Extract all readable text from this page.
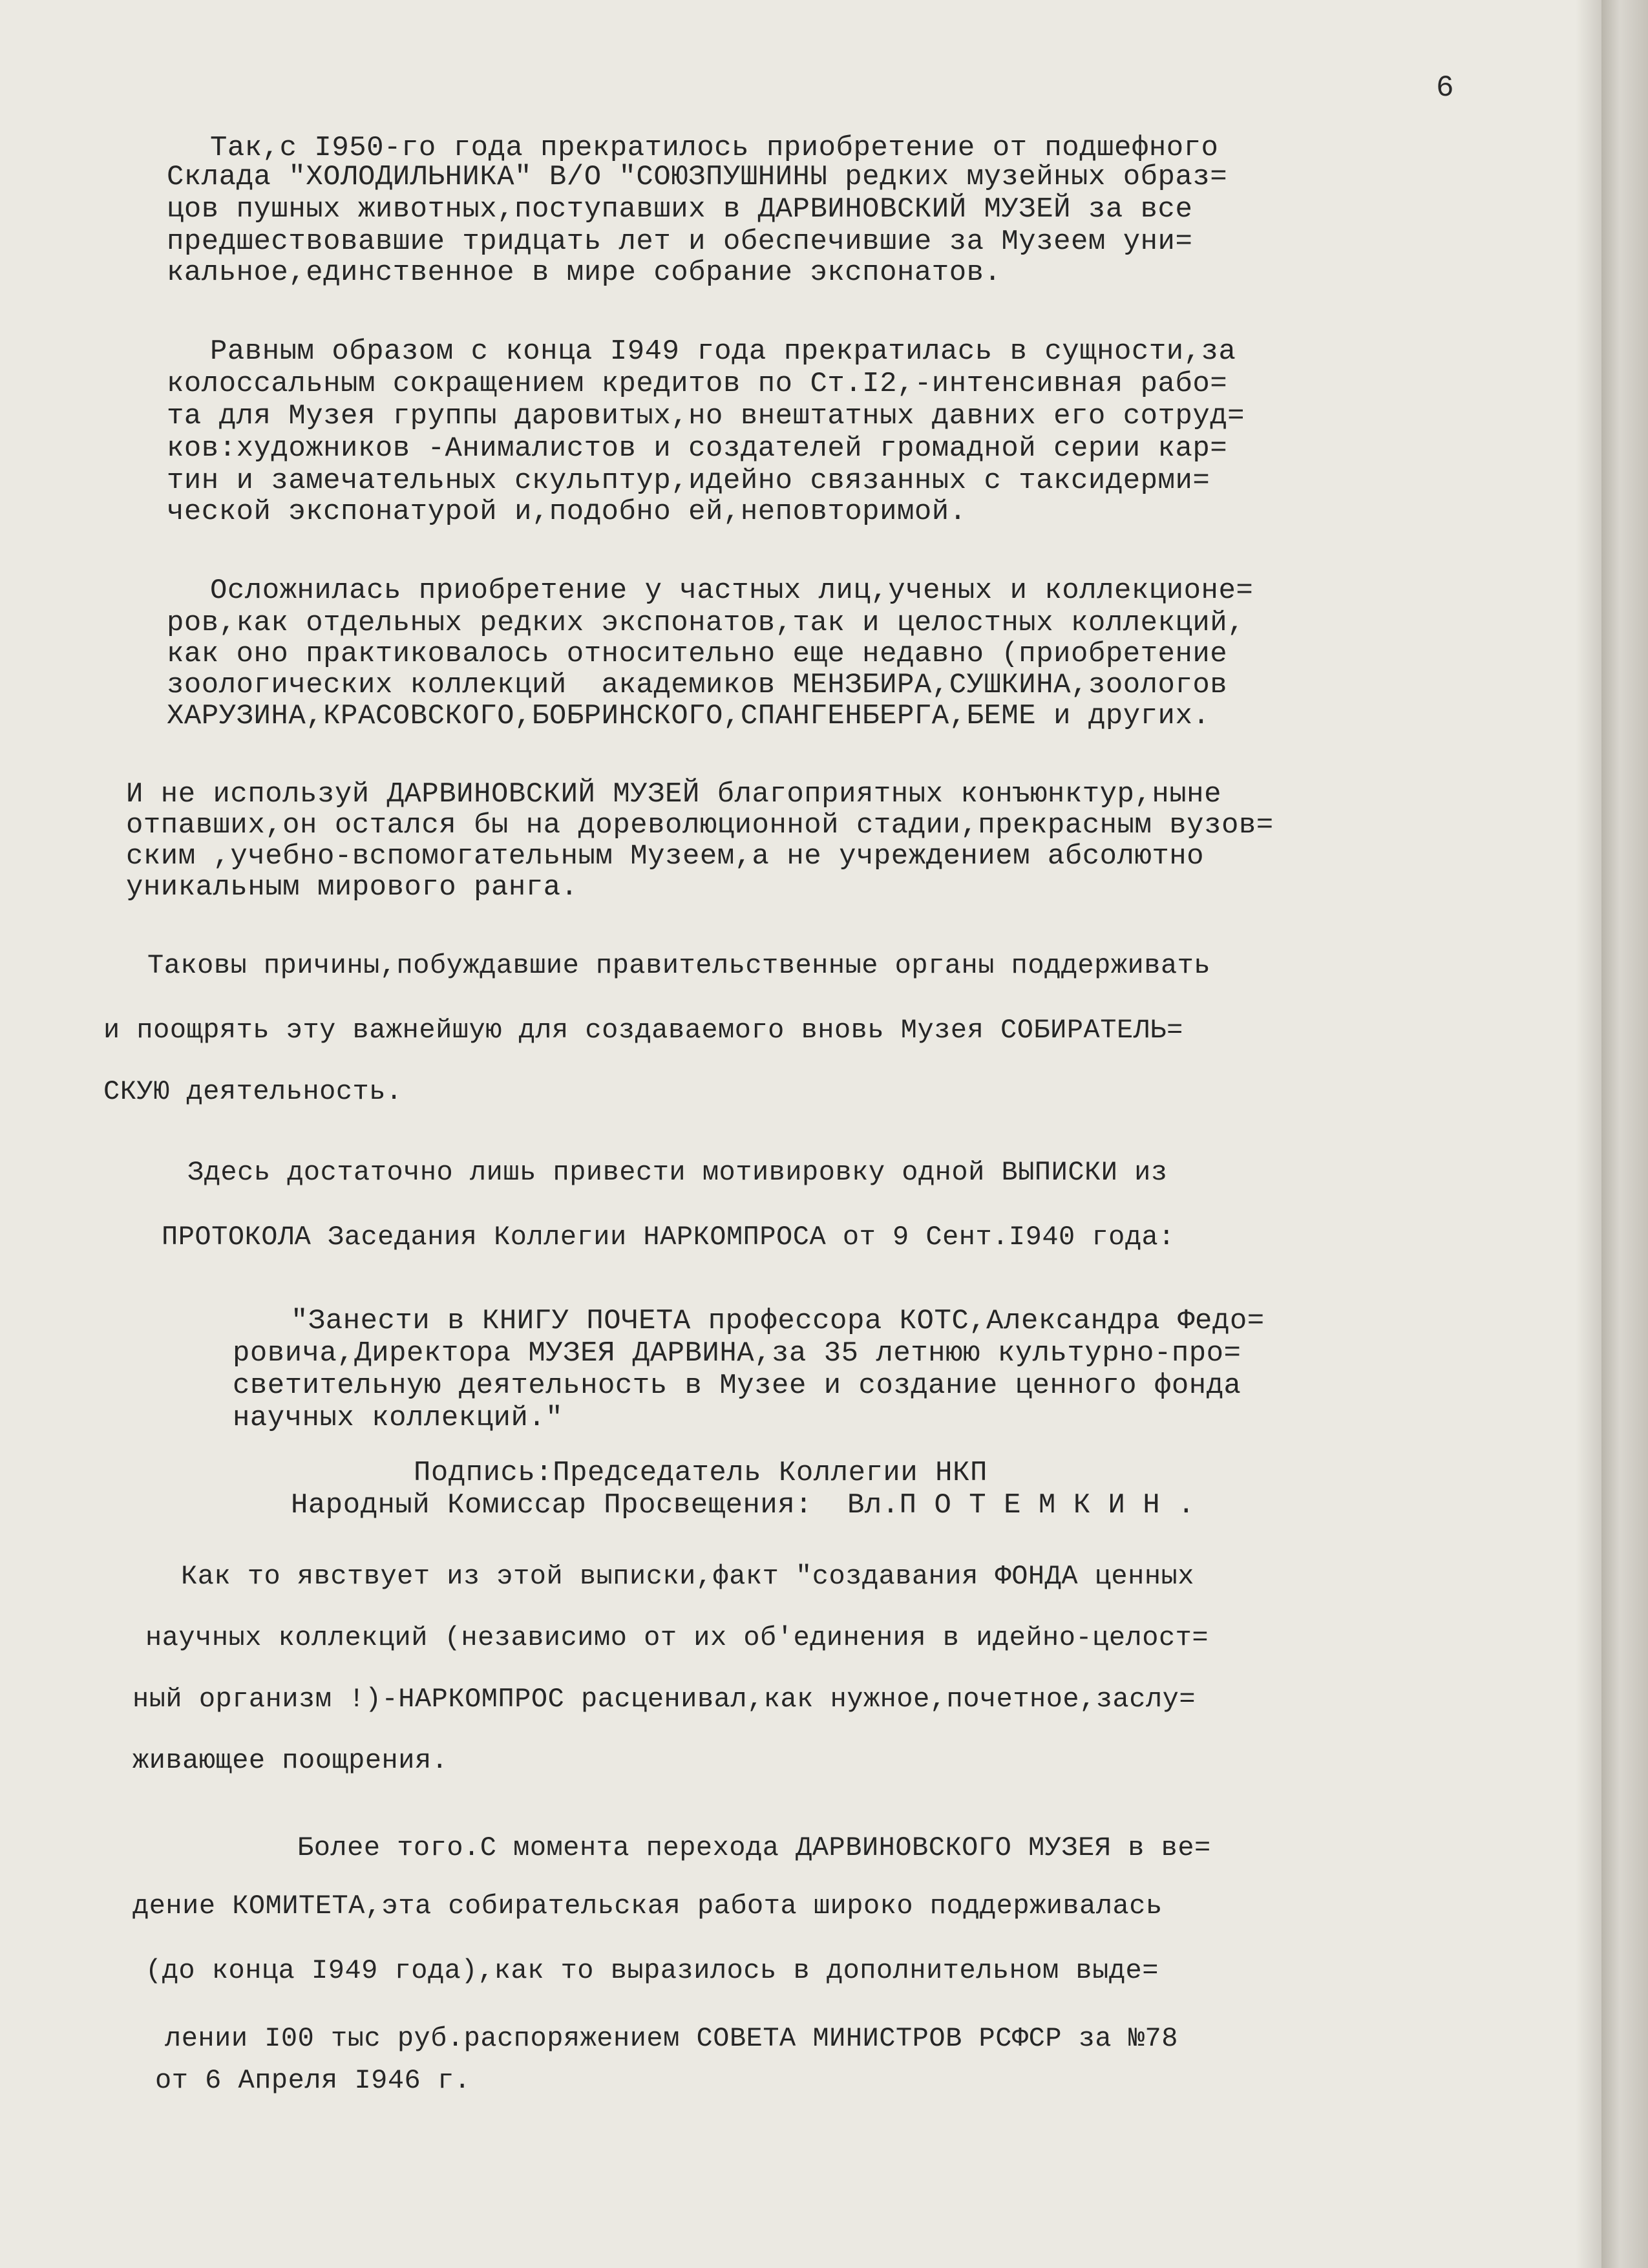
6
Так,с I950-го года прекратилось приобретение от подшефного
Склада "ХОЛОДИЛЬНИКА" В/О "СОЮЗПУШНИНЫ редких музейных образ=
цов пушных животных,поступавших в ДАРВИНОВСКИЙ МУЗЕЙ за все
предшествовавшие тридцать лет и обеспечившие за Музеем уни=
кальное,единственное в мире собрание экспонатов.
Равным образом с конца I949 года прекратилась в сущности,за
колоссальным сокращением кредитов по Ст.I2,-интенсивная рабо=
та для Музея группы даровитых,но внештатных давних его сотруд=
ков:художников -Анималистов и создателей громадной серии кар=
тин и замечательных скульптур,идейно связанных с таксидерми=
ческой экспонатурой и,подобно ей,неповторимой.
Осложнилась приобретение у частных лиц,ученых и коллекционе=
ров,как отдельных редких экспонатов,так и целостных коллекций,
как оно практиковалось относительно еще недавно (приобретение
зоологических коллекций  академиков МЕНЗБИРА,СУШКИНА,зоологов
ХАРУЗИНА,КРАСОВСКОГО,БОБРИНСКОГО,СПАНГЕНБЕРГА,БЕМЕ и других.
И не используй ДАРВИНОВСКИЙ МУЗЕЙ благоприятных конъюнктур,ныне
отпавших,он остался бы на дореволюционной стадии,прекрасным вузов=
ским ,учебно-вспомогательным Музеем,а не учреждением абсолютно
уникальным мирового ранга.
Таковы причины,побуждавшие правительственные органы поддерживать
и поощрять эту важнейшую для создаваемого вновь Музея СОБИРАТЕЛЬ=
СКУЮ деятельность.
Здесь достаточно лишь привести мотивировку одной ВЫПИСКИ из
ПРОТОКОЛА Заседания Коллегии НАРКОМПРОСА от 9 Сент.I940 года:
"Занести в КНИГУ ПОЧЕТА профессора КОТС,Александра Федо=
ровича,Директора МУЗЕЯ ДАРВИНА,за 35 летнюю культурно-про=
светительную деятельность в Музее и создание ценного фонда
научных коллекций."
Подпись:Председатель Коллегии НКП
Народный Комиссар Просвещения:  Вл.П О Т Е М К И Н .
Как то явствует из этой выписки,факт "создавания ФОНДА ценных
научных коллекций (независимо от их об'единения в идейно-целост=
ный организм !)-НАРКОМПРОС расценивал,как нужное,почетное,заслу=
живающее поощрения.
Более того.С момента перехода ДАРВИНОВСКОГО МУЗЕЯ в ве=
дение КОМИТЕТА,эта собирательская работа широко поддерживалась
(до конца I949 года),как то выразилось в дополнительном выде=
лении I00 тыс руб.распоряжением СОВЕТА МИНИСТРОВ РСФСР за №78
от 6 Апреля I946 г.
